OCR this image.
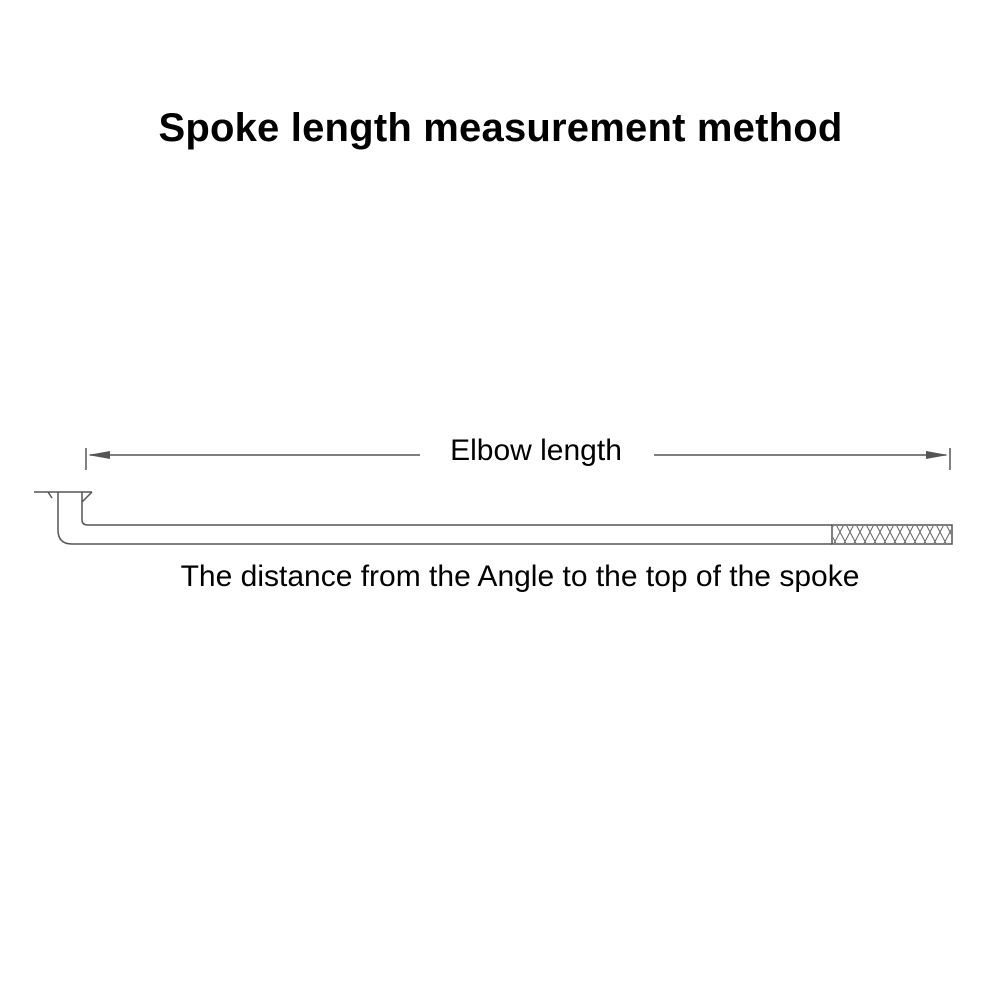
Spoke length measurement method
Elbow length
The distance from the Angle to the top of the spoke
